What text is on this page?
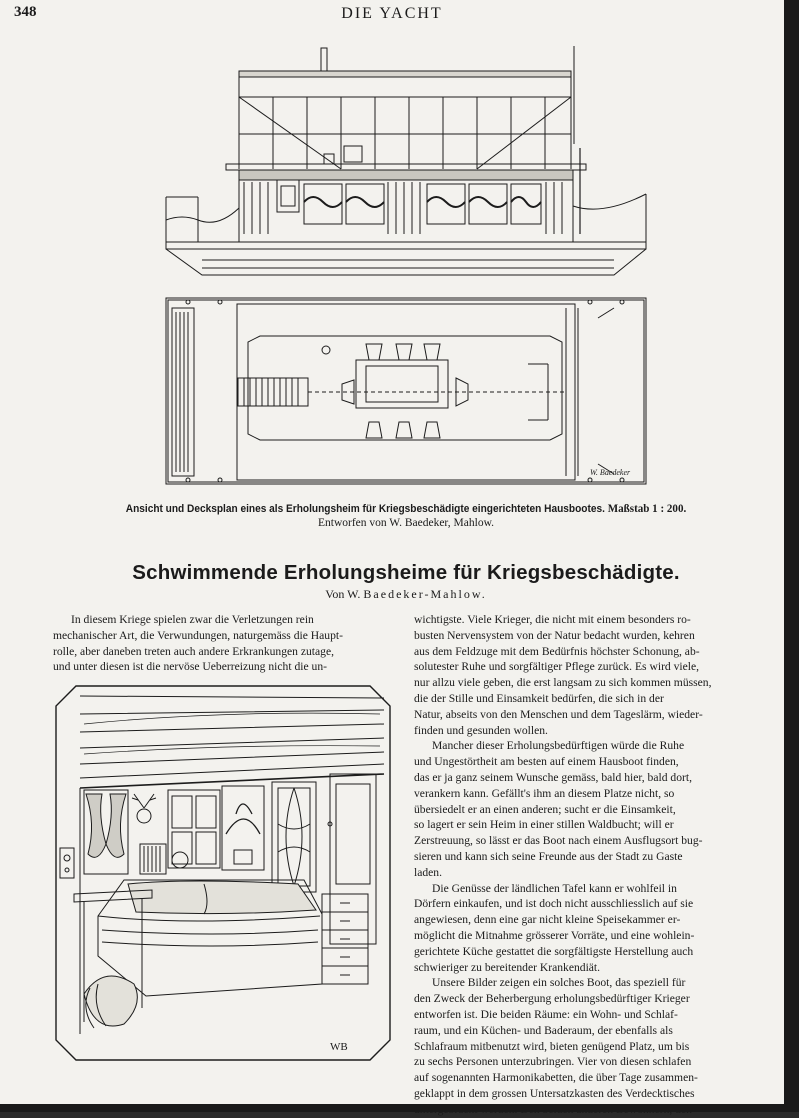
348	DIE YACHT
W. Baedeker
Ansicht und Decksplan eines als Erholungsheim für Kriegsbeschädigte eingerichteten Hausbootes. Maßstab 1 : 200.
Entworfen von W. Baedeker, Mahlow.
Schwimmende Erholungsheime für Kriegsbeschädigte.
Von W. Baedeker-Mahlow.
In diesem Kriege spielen zwar die Verletzungen rein
mechanischer Art, die Verwundungen, naturgemäss die Haupt-
rolle, aber daneben treten auch andere Erkrankungen zutage,
und unter diesen ist die nervöse Ueberreizung nicht die un-
wichtigste. Viele Krieger, die nicht mit einem besonders ro-
busten Nervensystem von der Natur bedacht wurden, kehren
aus dem Feldzuge mit dem Bedürfnis höchster Schonung, ab-
solutester Ruhe und sorgfältiger Pflege zurück. Es wird viele,
nur allzu viele geben, die erst langsam zu sich kommen müssen,
die der Stille und Einsamkeit bedürfen, die sich in der
Natur, abseits von den Menschen und dem Tageslärm, wieder-
finden und gesunden wollen.
Mancher dieser Erholungsbedürftigen würde die Ruhe
und Ungestörtheit am besten auf einem Hausboot finden,
das er ja ganz seinem Wunsche gemäss, bald hier, bald dort,
verankern kann. Gefällt's ihm an diesem Platze nicht, so
übersiedelt er an einen anderen; sucht er die Einsamkeit,
so lagert er sein Heim in einer stillen Waldbucht; will er
Zerstreuung, so lässt er das Boot nach einem Ausflugsort bug-
sieren und kann sich seine Freunde aus der Stadt zu Gaste
laden.
Die Genüsse der ländlichen Tafel kann er wohlfeil in
Dörfern einkaufen, und ist doch nicht ausschliesslich auf sie
angewiesen, denn eine gar nicht kleine Speisekammer er-
möglicht die Mitnahme grösserer Vorräte, und eine wohlein-
gerichtete Küche gestattet die sorgfältigste Herstellung auch
schwieriger zu bereitender Krankendiät.
Unsere Bilder zeigen ein solches Boot, das speziell für
den Zweck der Beherbergung erholungsbedürftiger Krieger
entworfen ist. Die beiden Räume: ein Wohn- und Schlaf-
raum, und ein Küchen- und Baderaum, der ebenfalls als
Schlafraum mitbenutzt wird, bieten genügend Platz, um bis
zu sechs Personen unterzubringen. Vier von diesen schlafen
auf sogenannten Harmonikabetten, die über Tage zusammen-
geklappt in dem grossen Untersatzkasten des Verdecktisches
WB
